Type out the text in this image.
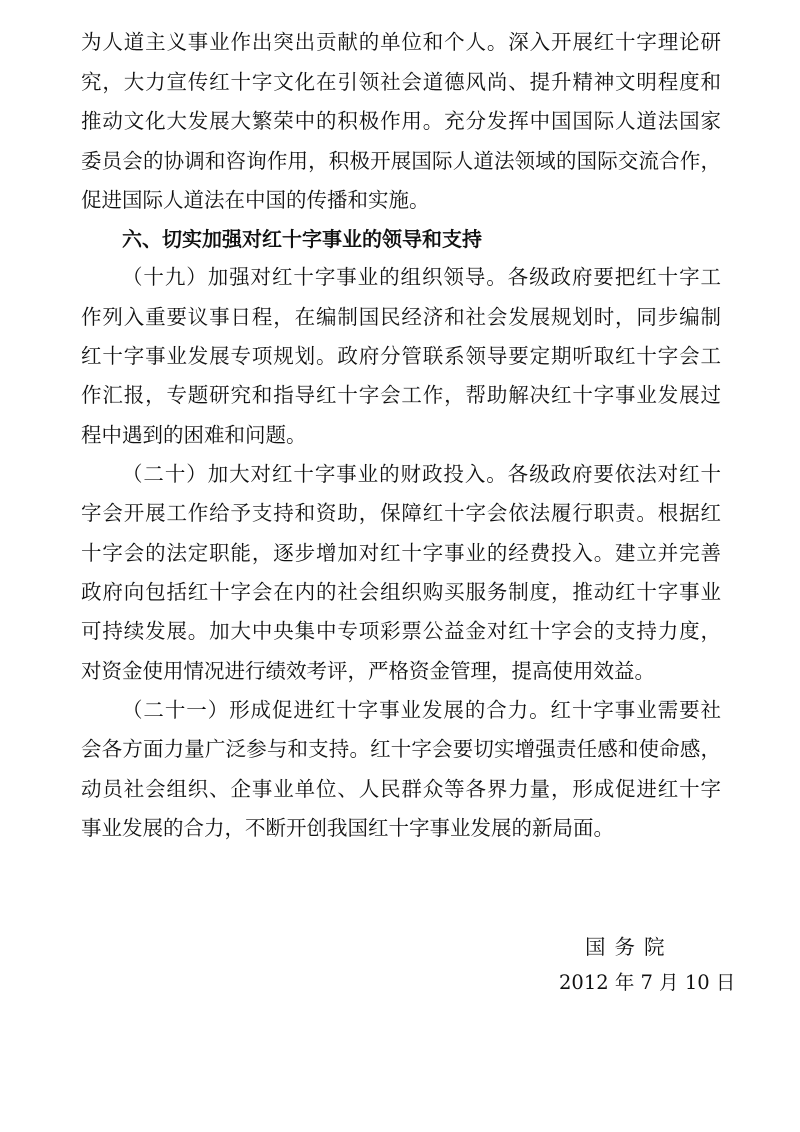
为人道主义事业作出突出贡献的单位和个人。深入开展红十字理论研
究，大力宣传红十字文化在引领社会道德风尚、提升精神文明程度和
推动文化大发展大繁荣中的积极作用。充分发挥中国国际人道法国家
委员会的协调和咨询作用，积极开展国际人道法领域的国际交流合作，
促进国际人道法在中国的传播和实施。
六、切实加强对红十字事业的领导和支持
（十九）加强对红十字事业的组织领导。各级政府要把红十字工
作列入重要议事日程，在编制国民经济和社会发展规划时，同步编制
红十字事业发展专项规划。政府分管联系领导要定期听取红十字会工
作汇报，专题研究和指导红十字会工作，帮助解决红十字事业发展过
程中遇到的困难和问题。
（二十）加大对红十字事业的财政投入。各级政府要依法对红十
字会开展工作给予支持和资助，保障红十字会依法履行职责。根据红
十字会的法定职能，逐步增加对红十字事业的经费投入。建立并完善
政府向包括红十字会在内的社会组织购买服务制度，推动红十字事业
可持续发展。加大中央集中专项彩票公益金对红十字会的支持力度，
对资金使用情况进行绩效考评，严格资金管理，提高使用效益。
（二十一）形成促进红十字事业发展的合力。红十字事业需要社
会各方面力量广泛参与和支持。红十字会要切实增强责任感和使命感，
动员社会组织、企事业单位、人民群众等各界力量，形成促进红十字
事业发展的合力，不断开创我国红十字事业发展的新局面。
国务院
2012 年 7 月 10 日
